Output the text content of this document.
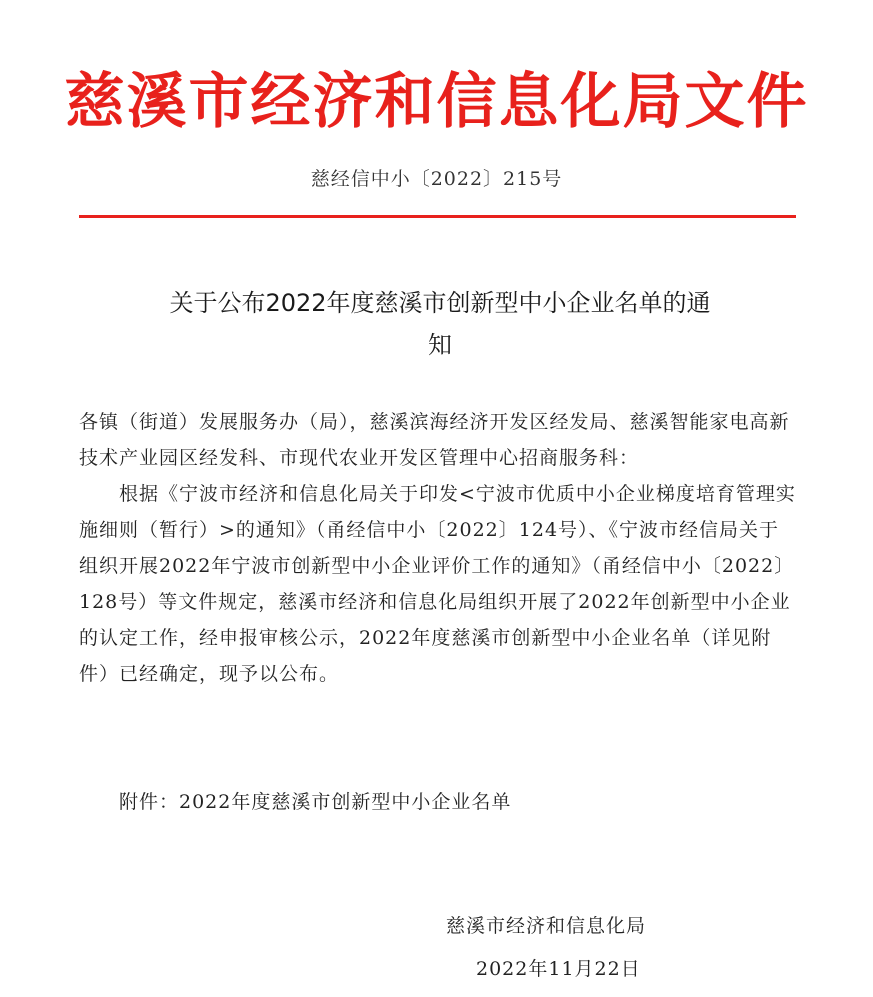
慈溪市经济和信息化局文件
慈经信中小〔2022〕215号
关于公布2022年度慈溪市创新型中小企业名单的通
知

各镇（街道）发展服务办（局），慈溪滨海经济开发区经发局、慈溪智能家电高新技术产业园区经发科、市现代农业开发区管理中心招商服务科：

根据《宁波市经济和信息化局关于印发<宁波市优质中小企业梯度培育管理实施细则（暂行）>的通知》（甬经信中小〔2022〕124号）、《宁波市经信局关于组织开展2022年宁波市创新型中小企业评价工作的通知》（甬经信中小〔2022〕128号）等文件规定，慈溪市经济和信息化局组织开展了2022年创新型中小企业的认定工作，经申报审核公示，2022年度慈溪市创新型中小企业名单（详见附件）已经确定，现予以公布。

附件：2022年度慈溪市创新型中小企业名单
慈溪市经济和信息化局
2022年11月22日
